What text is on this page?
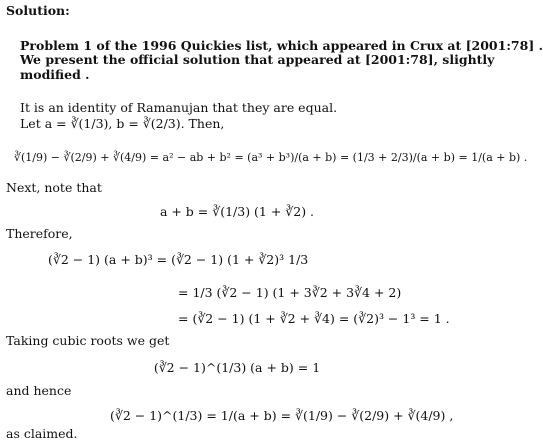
Solution:
Problem 1 of the 1996 Quickies list, which appeared in Crux at [2001:78] .
We present the official solution that appeared at [2001:78], slightly
modified .
It is an identity of Ramanujan that they are equal.
Let a = ∛(1/3), b = ∛(2/3). Then,
∛(1/9) − ∛(2/9) + ∛(4/9) = a² − ab + b² = (a³ + b³)/(a + b) = (1/3 + 2/3)/(a + b) = 1/(a + b) .
Next, note that
a + b = ∛(1/3) (1 + ∛2) .
Therefore,
(∛2 − 1) (a + b)³ = (∛2 − 1) (1 + ∛2)³ 1/3
= 1/3 (∛2 − 1) (1 + 3∛2 + 3∛4 + 2)
= (∛2 − 1) (1 + ∛2 + ∛4) = (∛2)³ − 1³ = 1 .
Taking cubic roots we get
(∛2 − 1)^(1/3) (a + b) = 1
and hence
(∛2 − 1)^(1/3) = 1/(a + b) = ∛(1/9) − ∛(2/9) + ∛(4/9) ,
as claimed.
